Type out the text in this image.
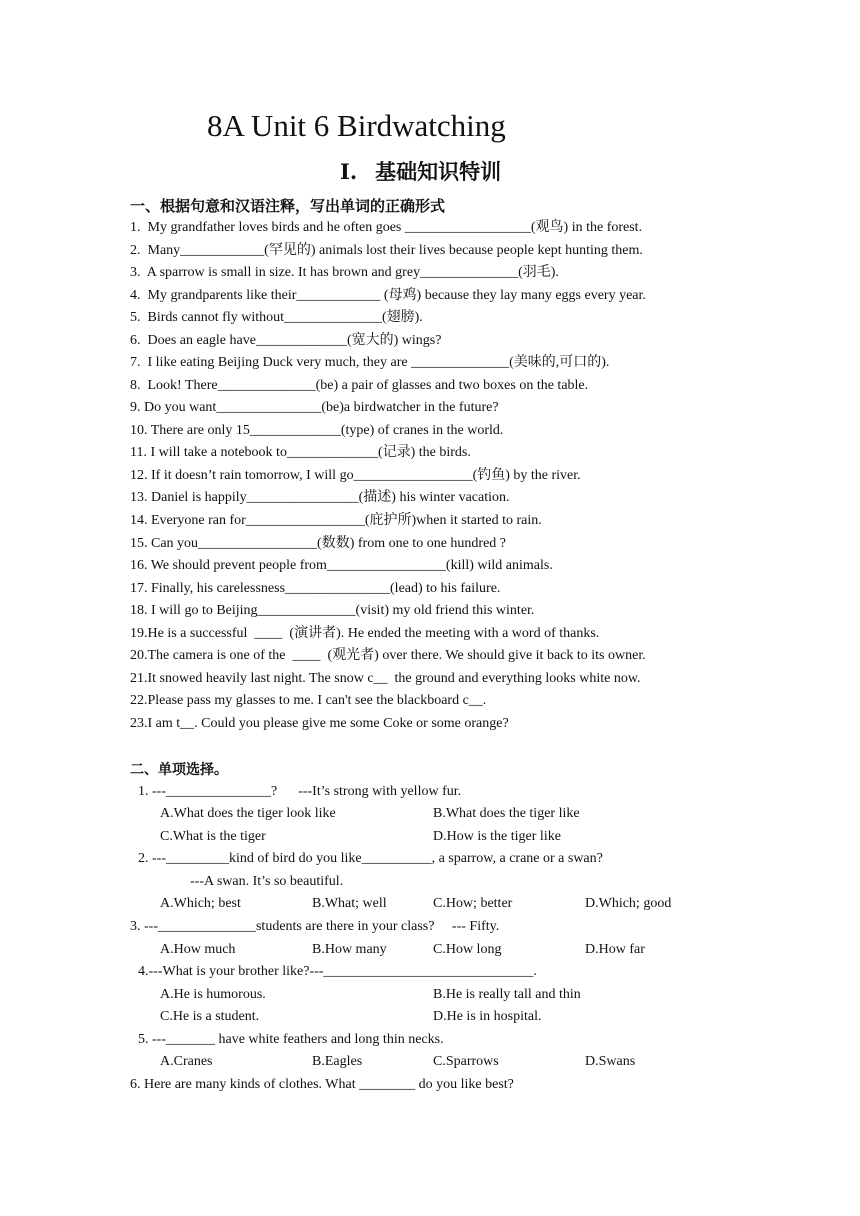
8A Unit 6 Birdwatching
I. 基础知识特训
一、根据句意和汉语注释，写出单词的正确形式
1.  My grandfather loves birds and he often goes __________________(观鸟) in the forest.
2.  Many____________(罕见的) animals lost their lives because people kept hunting them.
3.  A sparrow is small in size. It has brown and grey______________(羽毛).
4.  My grandparents like their____________ (母鸡) because they lay many eggs every year.
5.  Birds cannot fly without______________(翅膀).
6.  Does an eagle have_____________(宽大的) wings?
7.  I like eating Beijing Duck very much, they are ______________(美味的,可口的).
8.  Look! There______________(be) a pair of glasses and two boxes on the table.
9. Do you want_______________(be)a birdwatcher in the future?
10. There are only 15_____________(type) of cranes in the world.
11. I will take a notebook to_____________(记录) the birds.
12. If it doesn’t rain tomorrow, I will go_________________(钓鱼) by the river.
13. Daniel is happily________________(描述) his winter vacation.
14. Everyone ran for_________________(庇护所)when it started to rain.
15. Can you_________________(数数) from one to one hundred ?
16. We should prevent people from_________________(kill) wild animals.
17. Finally, his carelessness_______________(lead) to his failure.
18. I will go to Beijing______________(visit) my old friend this winter.
19.He is a successful  ____  (演讲者). He ended the meeting with a word of thanks.
20.The camera is one of the  ____  (观光者) over there. We should give it back to its owner.
21.It snowed heavily last night. The snow c__  the ground and everything looks white now.
22.Please pass my glasses to me. I can't see the blackboard c__.
23.I am t__. Could you please give me some Coke or some orange?
二、单项选择。
1. ---_______________?      ---It’s strong with yellow fur.
A.What does the tiger look like	B.What does the tiger like
C.What is the tiger	D.How is the tiger like
2. ---_________kind of bird do you like__________, a sparrow, a crane or a swan?
---A swan. It’s so beautiful.
A.Which; best	B.What; well	C.How; better	D.Which; good
3. ---______________students are there in your class?     --- Fifty.
A.How much	B.How many	C.How long	D.How far
4.---What is your brother like?---______________________________.
A.He is humorous.	B.He is really tall and thin
C.He is a student.	D.He is in hospital.
5. ---_______ have white feathers and long thin necks.
A.Cranes	B.Eagles	C.Sparrows	D.Swans
6. Here are many kinds of clothes. What ________ do you like best?
